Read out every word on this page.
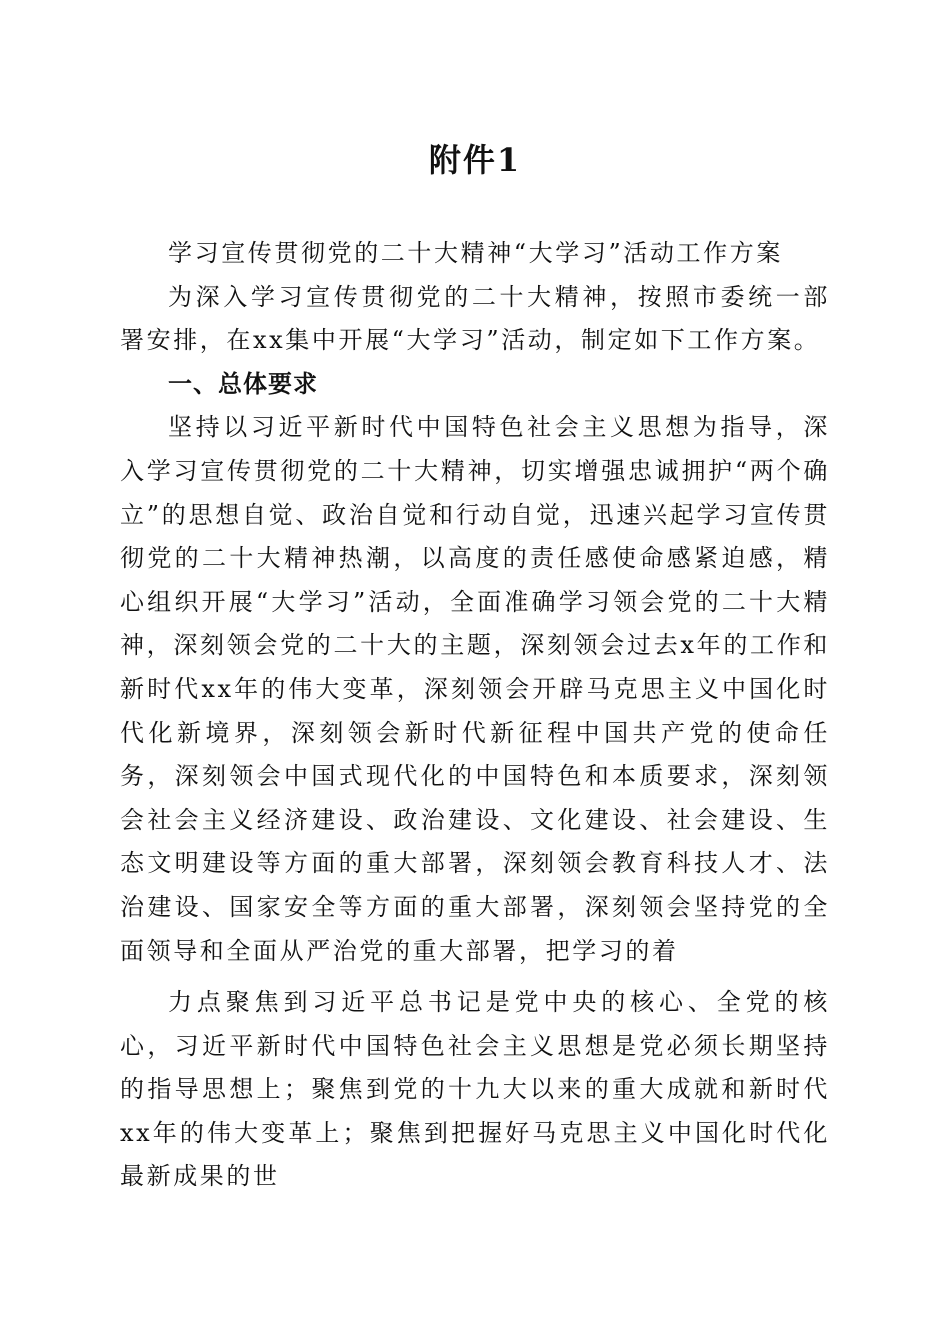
附件1

学习宣传贯彻党的二十大精神“大学习”活动工作方案

为深入学习宣传贯彻党的二十大精神，按照市委统一部署安排，在xx集中开展“大学习”活动，制定如下工作方案。

一、总体要求

坚持以习近平新时代中国特色社会主义思想为指导，深入学习宣传贯彻党的二十大精神，切实增强忠诚拥护“两个确立”的思想自觉、政治自觉和行动自觉，迅速兴起学习宣传贯彻党的二十大精神热潮，以高度的责任感使命感紧迫感，精心组织开展“大学习”活动，全面准确学习领会党的二十大精神，深刻领会党的二十大的主题，深刻领会过去x年的工作和新时代xx年的伟大变革，深刻领会开辟马克思主义中国化时代化新境界，深刻领会新时代新征程中国共产党的使命任务，深刻领会中国式现代化的中国特色和本质要求，深刻领会社会主义经济建设、政治建设、文化建设、社会建设、生态文明建设等方面的重大部署，深刻领会教育科技人才、法治建设、国家安全等方面的重大部署，深刻领会坚持党的全面领导和全面从严治党的重大部署，把学习的着

力点聚焦到习近平总书记是党中央的核心、全党的核心，习近平新时代中国特色社会主义思想是党必须长期坚持的指导思想上；聚焦到党的十九大以来的重大成就和新时代xx年的伟大变革上；聚焦到把握好马克思主义中国化时代化最新成果的世
